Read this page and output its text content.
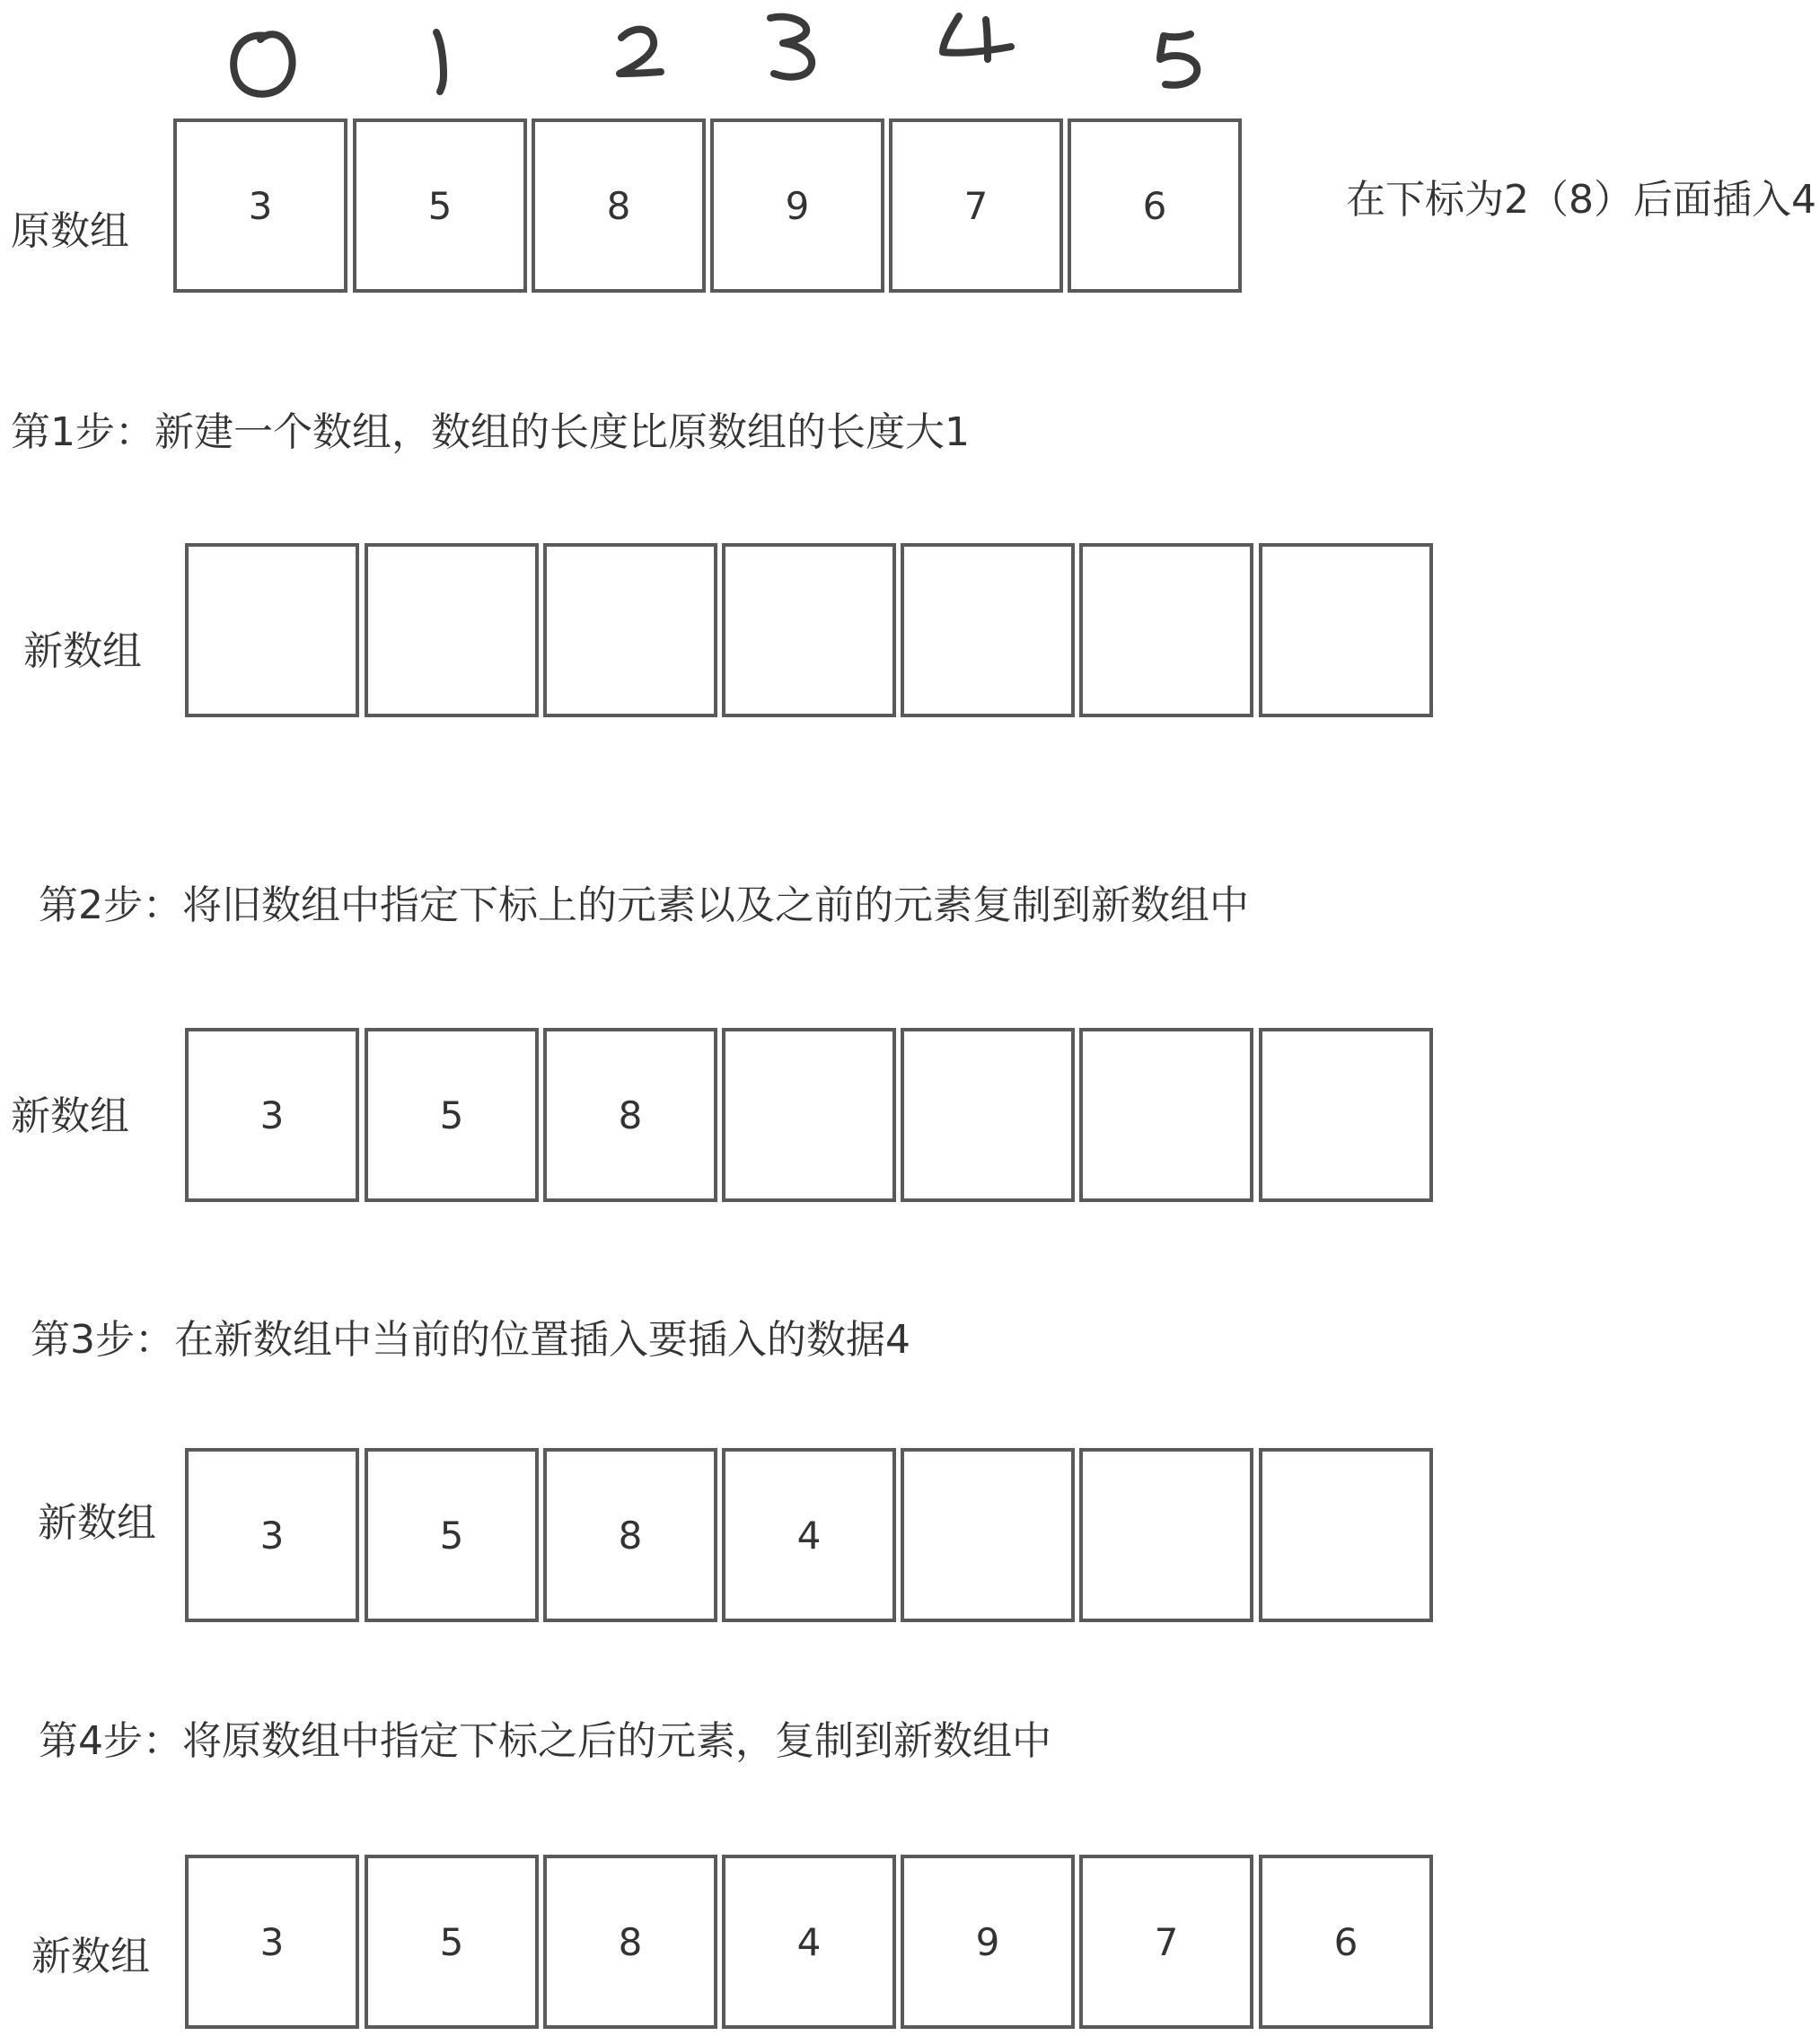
原数组
3	5	8	9	7	6	在下标为2（8）后面插入4
第1步：新建一个数组，数组的长度比原数组的长度大1
新数组
第2步：将旧数组中指定下标上的元素以及之前的元素复制到新数组中
新数组	3	5	8
第3步：在新数组中当前的位置插入要插入的数据4
新数组	3	5	8	4
第4步：将原数组中指定下标之后的元素，复制到新数组中
新数组	3	5	8	4	9	7	6
